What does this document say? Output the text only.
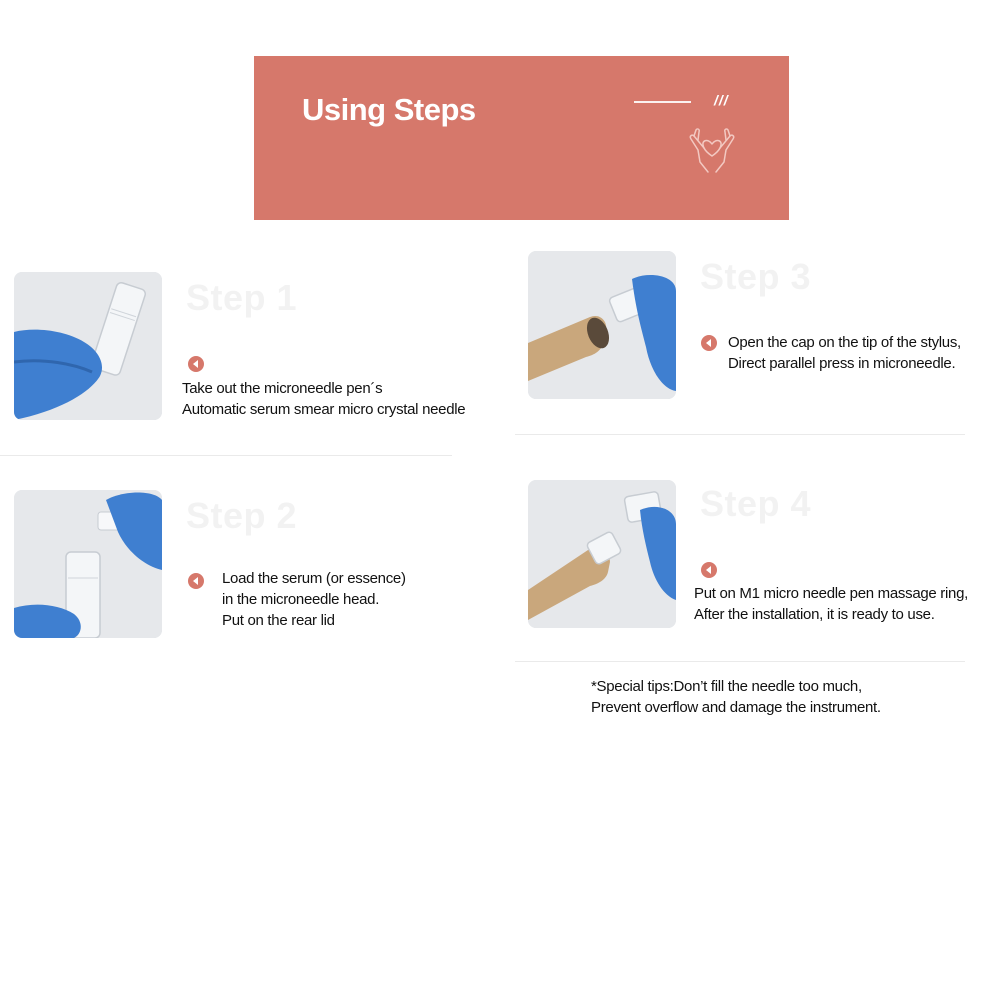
Using Steps	///
Step 1
Take out the microneedle pen´s
Automatic serum smear micro crystal needle
Step 2
Load the serum (or essence)
in the microneedle head.
Put on the rear lid
Step 3
Open the cap on the tip of the stylus,
Direct parallel press in microneedle.
Step 4
Put on M1 micro needle pen massage ring,
After the installation, it is ready to use.
*Special tips:Don’t fill the needle too much,
Prevent overflow and damage the instrument.
